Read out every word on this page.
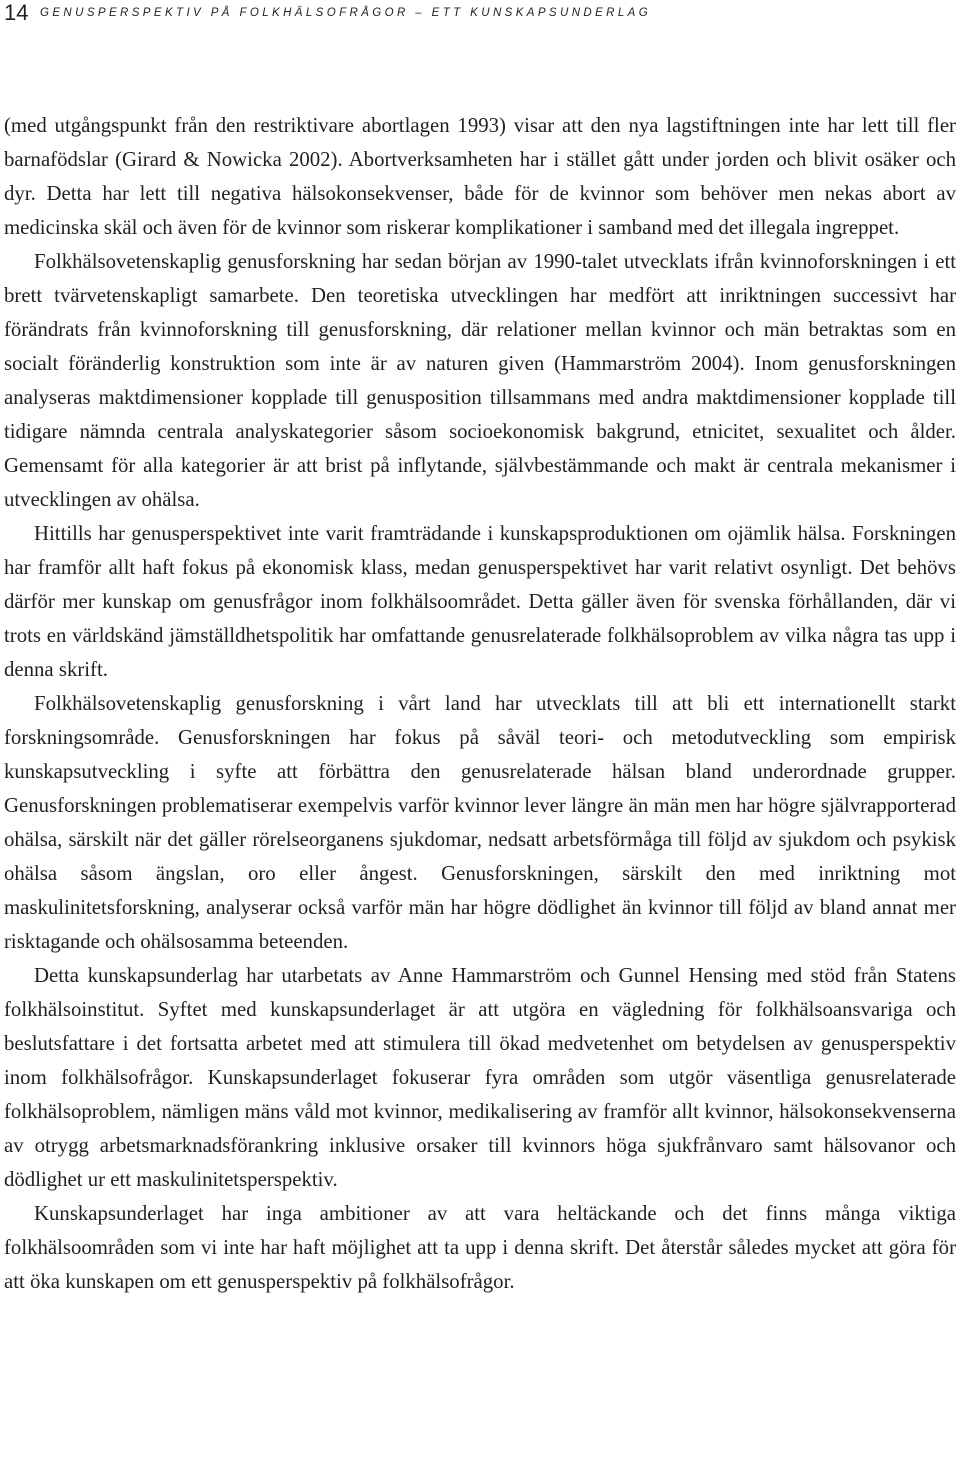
14 GENUSPERSPEKTIV PÅ FOLKHÄLSOFRÅGOR – ETT KUNSKAPSUNDERLAG

(med utgångspunkt från den restriktivare abortlagen 1993) visar att den nya lagstiftningen inte har lett till fler barnafödslar (Girard & Nowicka 2002). Abortverksamheten har i stället gått under jorden och blivit osäker och dyr. Detta har lett till negativa hälsokonsekvenser, både för de kvinnor som behöver men nekas abort av medicinska skäl och även för de kvinnor som riskerar komplikationer i samband med det illegala ingreppet.

Folkhälsovetenskaplig genusforskning har sedan början av 1990-talet utvecklats ifrån kvinnoforskningen i ett brett tvärvetenskapligt samarbete. Den teoretiska utvecklingen har medfört att inriktningen successivt har förändrats från kvinnoforskning till genusforskning, där relationer mellan kvinnor och män betraktas som en socialt föränderlig konstruktion som inte är av naturen given (Hammarström 2004). Inom genusforskningen analyseras maktdimensioner kopplade till genusposition tillsammans med andra maktdimensioner kopplade till tidigare nämnda centrala analyskategorier såsom socioekonomisk bakgrund, etnicitet, sexualitet och ålder. Gemensamt för alla kategorier är att brist på inflytande, självbestämmande och makt är centrala mekanismer i utvecklingen av ohälsa.

Hittills har genusperspektivet inte varit framträdande i kunskapsproduktionen om ojämlik hälsa. Forskningen har framför allt haft fokus på ekonomisk klass, medan genusperspektivet har varit relativt osynligt. Det behövs därför mer kunskap om genusfrågor inom folkhälsoområdet. Detta gäller även för svenska förhållanden, där vi trots en världskänd jämställdhetspolitik har omfattande genusrelaterade folkhälsoproblem av vilka några tas upp i denna skrift.

Folkhälsovetenskaplig genusforskning i vårt land har utvecklats till att bli ett internationellt starkt forskningsområde. Genusforskningen har fokus på såväl teori- och metodutveckling som empirisk kunskapsutveckling i syfte att förbättra den genusrelaterade hälsan bland underordnade grupper. Genusforskningen problematiserar exempelvis varför kvinnor lever längre än män men har högre självrapporterad ohälsa, särskilt när det gäller rörelseorganens sjukdomar, nedsatt arbetsförmåga till följd av sjukdom och psykisk ohälsa såsom ängslan, oro eller ångest. Genusforskningen, särskilt den med inriktning mot maskulinitetsforskning, analyserar också varför män har högre dödlighet än kvinnor till följd av bland annat mer risktagande och ohälsosamma beteenden.

Detta kunskapsunderlag har utarbetats av Anne Hammarström och Gunnel Hensing med stöd från Statens folkhälsoinstitut. Syftet med kunskapsunderlaget är att utgöra en vägledning för folkhälsoansvariga och beslutsfattare i det fortsatta arbetet med att stimulera till ökad medvetenhet om betydelsen av genusperspektiv inom folkhälsofrågor. Kunskapsunderlaget fokuserar fyra områden som utgör väsentliga genusrelaterade folkhälsoproblem, nämligen mäns våld mot kvinnor, medikalisering av framför allt kvinnor, hälsokonsekvenserna av otrygg arbetsmarknadsförankring inklusive orsaker till kvinnors höga sjukfrånvaro samt hälsovanor och dödlighet ur ett maskulinitetsperspektiv.

Kunskapsunderlaget har inga ambitioner av att vara heltäckande och det finns många viktiga folkhälsoområden som vi inte har haft möjlighet att ta upp i denna skrift. Det återstår således mycket att göra för att öka kunskapen om ett genusperspektiv på folkhälsofrågor.
